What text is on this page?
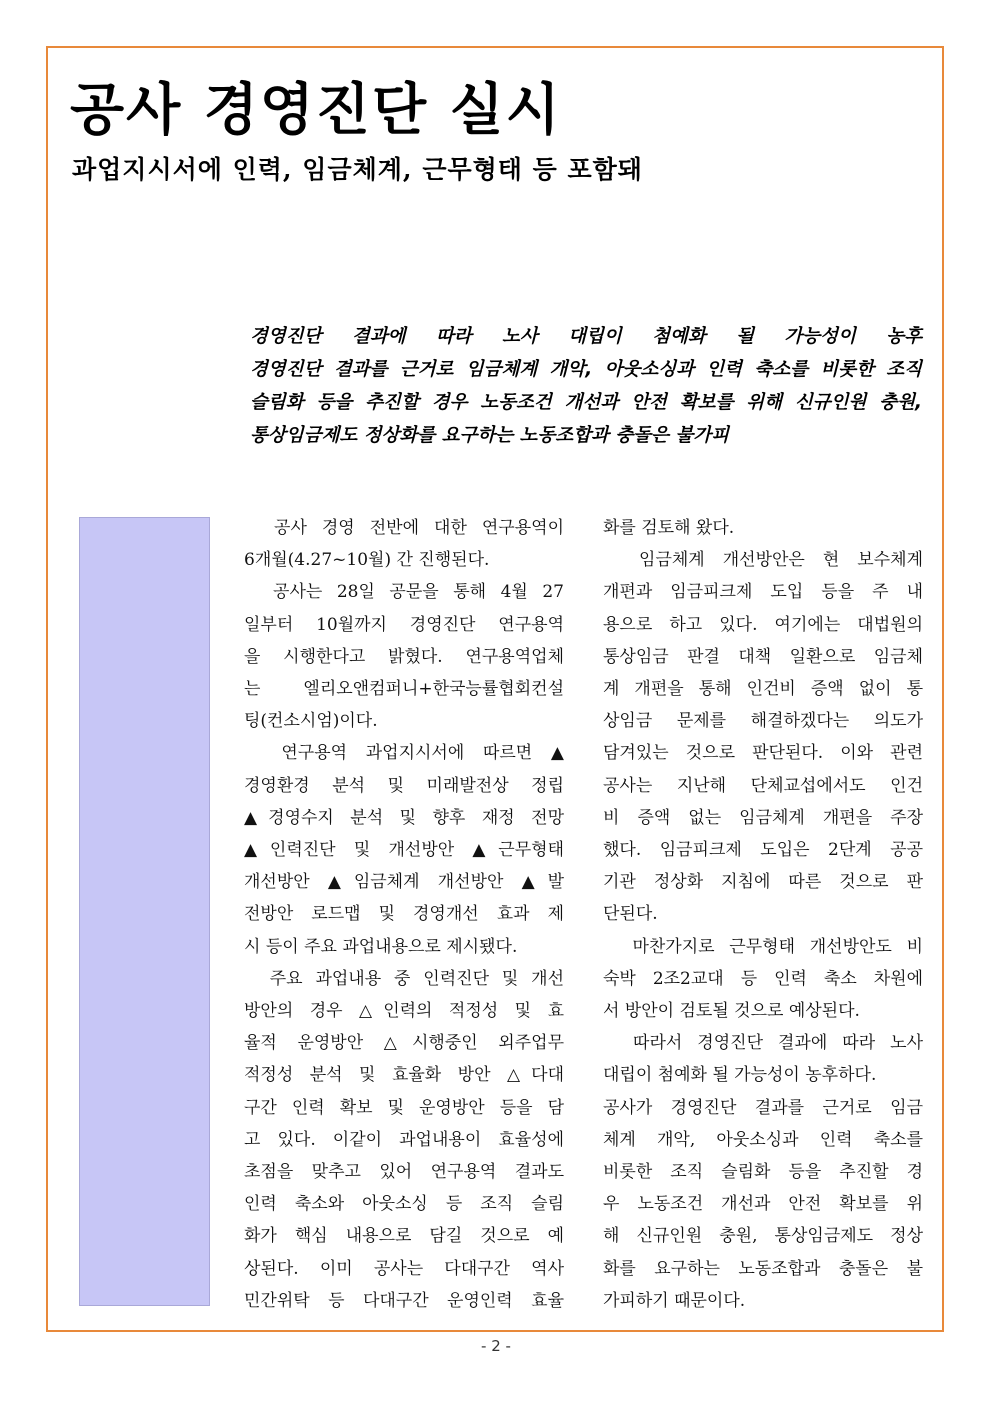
공사 경영진단 실시
과업지시서에 인력, 임금체계, 근무형태 등 포함돼
경영진단 결과에 따라 노사 대립이 첨예화 될 가능성이 농후
경영진단 결과를 근거로 임금체계 개악, 아웃소싱과 인력 축소를 비롯한 조직
슬림화 등을 추진할 경우 노동조건 개선과 안전 확보를 위해 신규인원 충원,
통상임금제도 정상화를 요구하는 노동조합과 충돌은 불가피
공사 경영 전반에 대한 연구용역이
6개월(4.27~10월) 간 진행된다.
공사는 28일 공문을 통해 4월 27
일부터 10월까지 경영진단 연구용역
을 시행한다고 밝혔다. 연구용역업체
는 엘리오앤컴퍼니+한국능률협회컨설
팅(컨소시엄)이다.
연구용역 과업지시서에 따르면 ▲
경영환경 분석 및 미래발전상 정립
▲경영수지 분석 및 향후 재정 전망
▲인력진단 및 개선방안 ▲근무형태
개선방안 ▲임금체계 개선방안 ▲발
전방안 로드맵 및 경영개선 효과 제
시 등이 주요 과업내용으로 제시됐다.
주요 과업내용 중 인력진단 및 개선
방안의 경우 △인력의 적정성 및 효
율적 운영방안 △시행중인 외주업무
적정성 분석 및 효율화 방안 △다대
구간 인력 확보 및 운영방안 등을 담
고 있다. 이같이 과업내용이 효율성에
초점을 맞추고 있어 연구용역 결과도
인력 축소와 아웃소싱 등 조직 슬림
화가 핵심 내용으로 담길 것으로 예
상된다. 이미 공사는 다대구간 역사
민간위탁 등 다대구간 운영인력 효율
화를 검토해 왔다.
임금체계 개선방안은 현 보수체계
개편과 임금피크제 도입 등을 주 내
용으로 하고 있다. 여기에는 대법원의
통상임금 판결 대책 일환으로 임금체
계 개편을 통해 인건비 증액 없이 통
상임금 문제를 해결하겠다는 의도가
담겨있는 것으로 판단된다. 이와 관련
공사는 지난해 단체교섭에서도 인건
비 증액 없는 임금체계 개편을 주장
했다. 임금피크제 도입은 2단계 공공
기관 정상화 지침에 따른 것으로 판
단된다.
마찬가지로 근무형태 개선방안도 비
숙박 2조2교대 등 인력 축소 차원에
서 방안이 검토될 것으로 예상된다.
따라서 경영진단 결과에 따라 노사
대립이 첨예화 될 가능성이 농후하다.
공사가 경영진단 결과를 근거로 임금
체계 개악, 아웃소싱과 인력 축소를
비롯한 조직 슬림화 등을 추진할 경
우 노동조건 개선과 안전 확보를 위
해 신규인원 충원, 통상임금제도 정상
화를 요구하는 노동조합과 충돌은 불
가피하기 때문이다.
- 2 -
